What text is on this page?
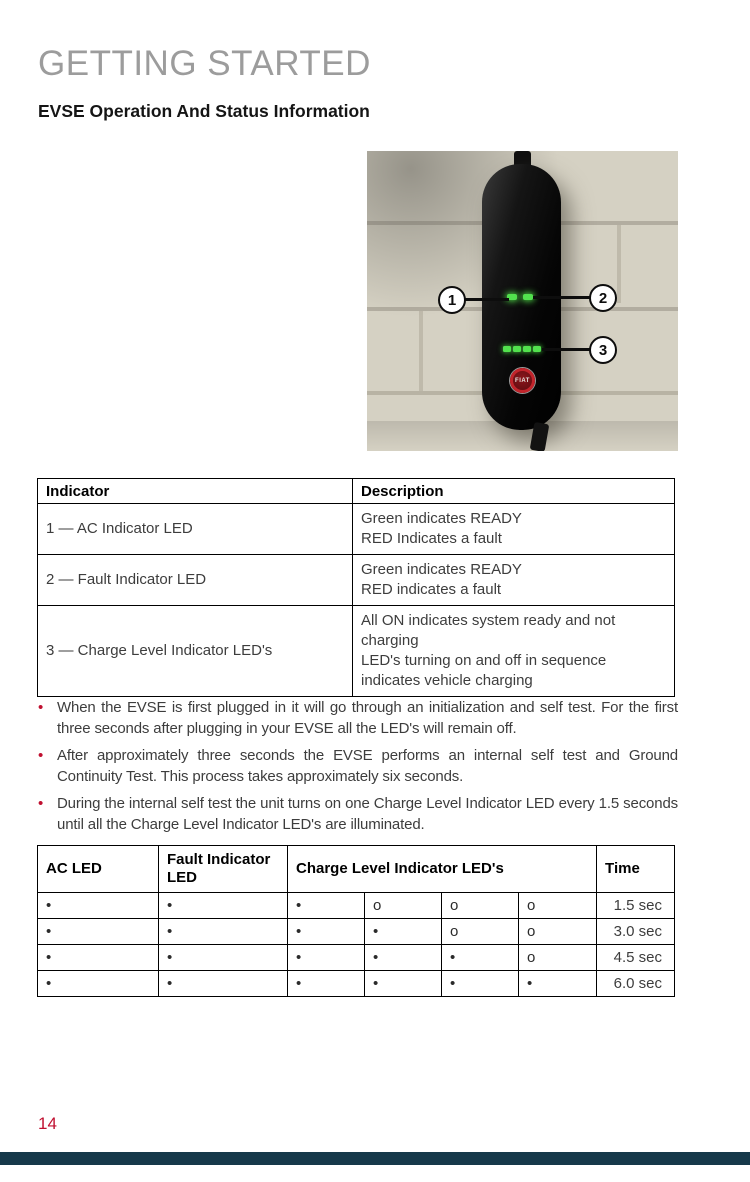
GETTING STARTED
EVSE Operation And Status Information
FIAT
1	2
3
Indicator	Description
1 — AC Indicator LED	Green indicates READY
RED Indicates a fault

2 — Fault Indicator LED	Green indicates READY
RED indicates a fault

3 — Charge Level Indicator LED's	All ON indicates system ready and not charging
LED's turning on and off in sequence indicates vehicle charging
• When the EVSE is first plugged in it will go through an initialization and self test. For the first three seconds after plugging in your EVSE all the LED's will remain off.
• After approximately three seconds the EVSE performs an internal self test and Ground Continuity Test. This process takes approximately six seconds.
• During the internal self test the unit turns on one Charge Level Indicator LED every 1.5 seconds until all the Charge Level Indicator LED's are illuminated.
AC LED	Fault Indicator LED	Charge Level Indicator LED's				Time
•	•	•	o	o	o	1.5 sec
•	•	•	•	o	o	3.0 sec
•	•	•	•	•	o	4.5 sec
•	•	•	•	•	•	6.0 sec
14
